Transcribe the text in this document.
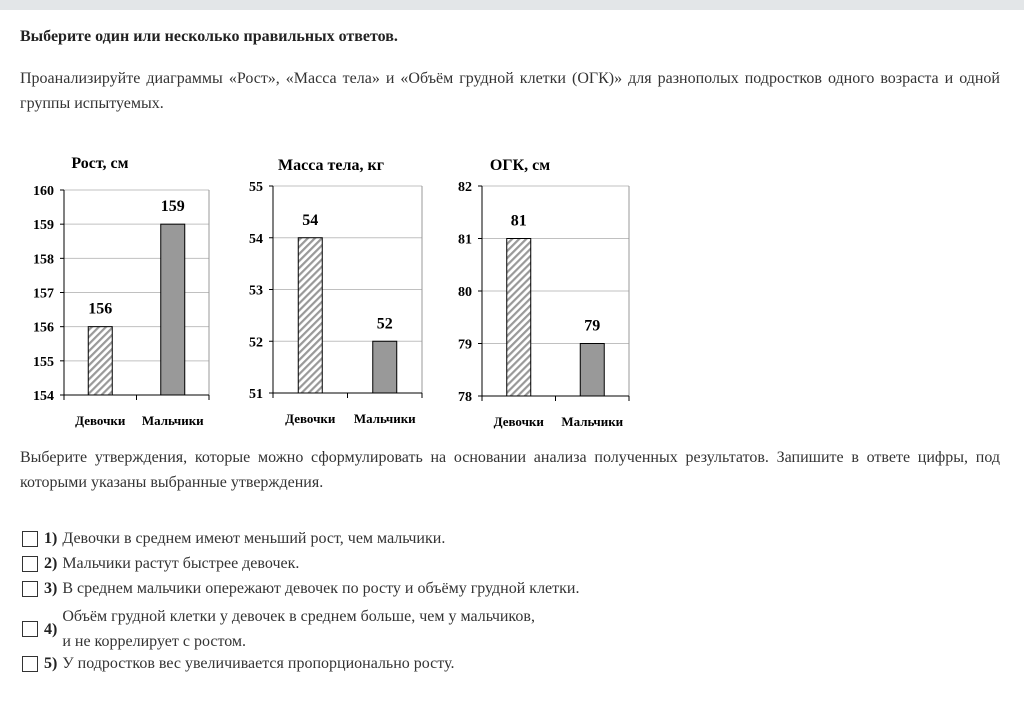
Выберите один или несколько правильных ответов.
Проанализируйте диаграммы «Рост», «Масса тела» и «Объём грудной клетки (ОГК)» для разнополых подростков одного возраста и одной группы испытуемых.
Рост, см
154
155
156
157
158
159
160
156
Девочки
159
Мальчики
Масса тела, кг
51
52
53
54
55
54
Девочки
52
Мальчики
ОГК, см
78
79
80
81
82
81
Девочки
79
Мальчики
Выберите утверждения, которые можно сформулировать на основании анализа полученных результатов. Запишите в ответе цифры, под которыми указаны выбранные утверждения.
1) Девочки в среднем имеют меньший рост, чем мальчики.
2) Мальчики растут быстрее девочек.
3) В среднем мальчики опережают девочек по росту и объёму грудной клетки.
4)
Объём грудной клетки у девочек в среднем больше, чем у мальчиков,
и не коррелирует с ростом.
5) У подростков вес увеличивается пропорционально росту.
